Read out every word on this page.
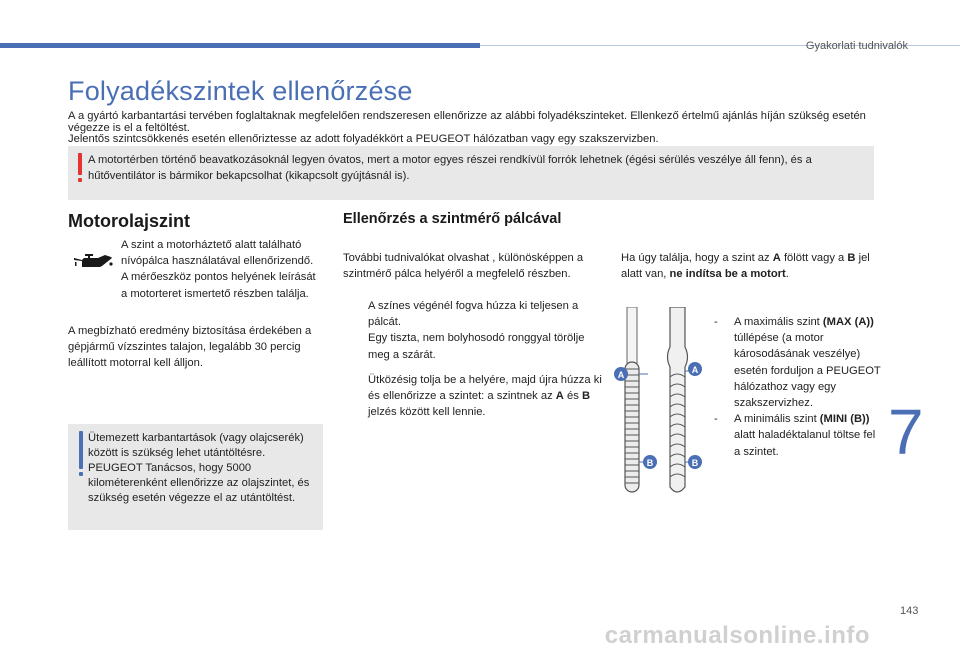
Gyakorlati tudnivalók
Folyadékszintek ellenőrzése

A a gyártó karbantartási tervében foglaltaknak megfelelően rendszeresen ellenőrizze az alábbi folyadékszinteket. Ellenkező értelmű ajánlás híján szükség esetén végezze is el a feltöltést.

Jelentős szintcsökkenés esetén ellenőriztesse az adott folyadékkört a PEUGEOT hálózatban vagy egy szakszervizben.

A motortérben történő beavatkozásoknál legyen óvatos, mert a motor egyes részei rendkívül forrók lehetnek (égési sérülés veszélye áll fenn), és a hűtőventilátor is bármikor bekapcsolhat (kikapcsolt gyújtásnál is).
Motorolajszint
A szint a motorháztető alatt található nívópálca használatával ellenőrizendő. A mérőeszköz pontos helyének leírását a motorteret ismertető részben találja.
A megbízható eredmény biztosítása érdekében a gépjármű vízszintes talajon, legalább 30 percig leállított motorral kell álljon.
Ütemezett karbantartások (vagy olajcserék) között is szükség lehet utántöltésre. PEUGEOT Tanácsos, hogy 5000 kilométerenként ellenőrizze az olajszintet, és szükség esetén végezze el az utántöltést.
Ellenőrzés a szintmérő pálcával
További tudnivalókat olvashat , különösképpen a szintmérő pálca helyéről a megfelelő részben.
A színes végénél fogva húzza ki teljesen a pálcát.
Egy tiszta, nem bolyhosodó ronggyal törölje meg a szárát.
Ütközésig tolja be a helyére, majd újra húzza ki és ellenőrizze a szintet: a szintnek az A és B jelzés között kell lennie.
Ha úgy találja, hogy a szint az A fölött vagy a B jel alatt van, ne indítsa be a motort.
A	A
B	B
- A maximális szint (MAX (A)) túllépése (a motor károsodásának veszélye) esetén forduljon a PEUGEOT hálózathoz vagy egy szakszervizhez.
- A minimális szint (MINI (B)) alatt haladéktalanul töltse fel a szintet.	7
143
carmanualsonline.info
